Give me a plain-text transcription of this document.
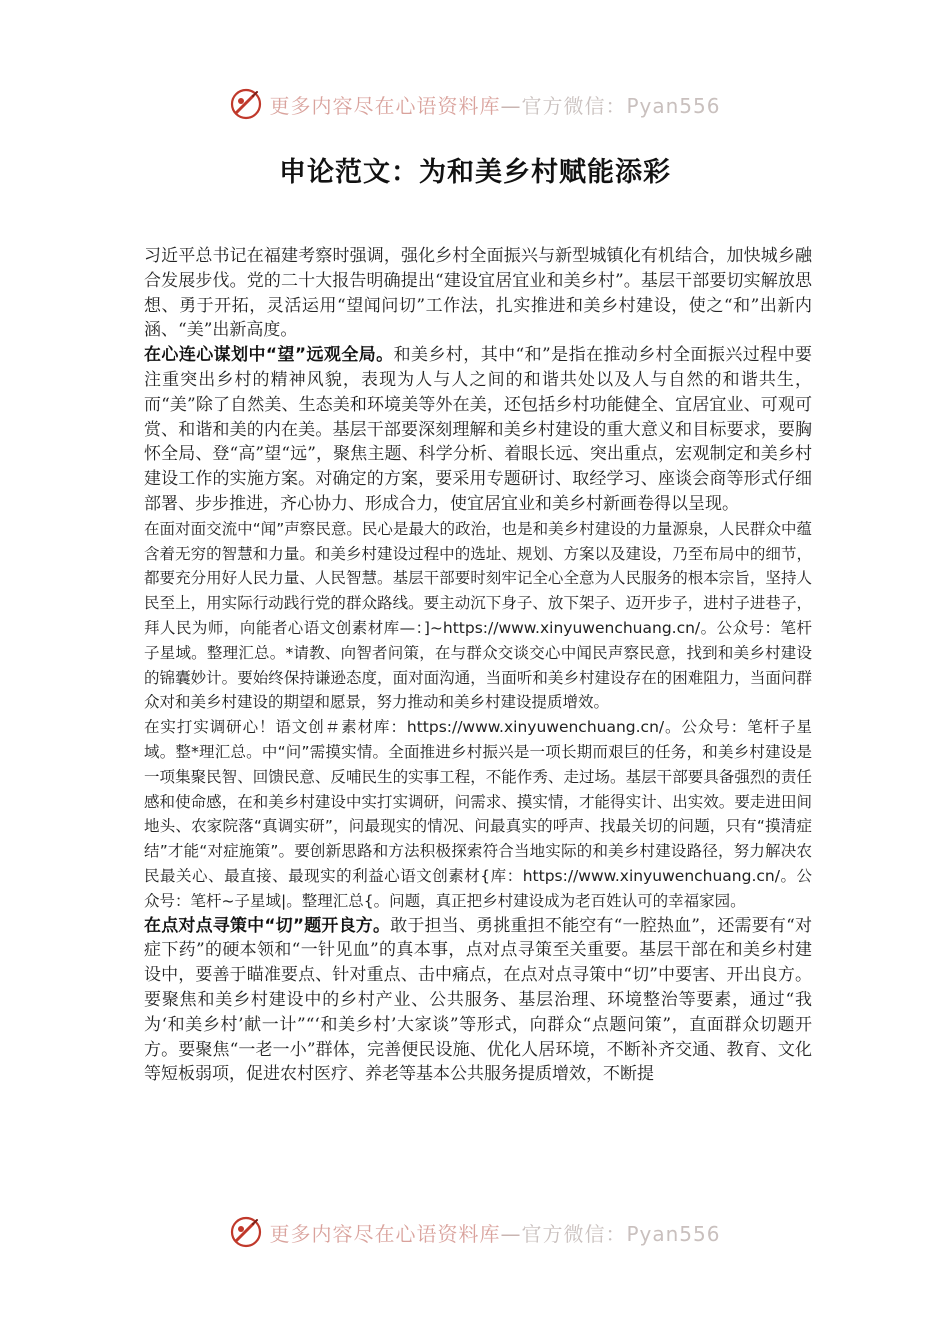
更多内容尽在心语资料库—官方微信：Pyan556
申论范文：为和美乡村赋能添彩

习近平总书记在福建考察时强调，强化乡村全面振兴与新型城镇化有机结合，加快城乡融合发展步伐。党的二十大报告明确提出“建设宜居宜业和美乡村”。基层干部要切实解放思想、勇于开拓，灵活运用“望闻问切”工作法，扎实推进和美乡村建设，使之“和”出新内涵、“美”出新高度。

在心连心谋划中“望”远观全局。和美乡村，其中“和”是指在推动乡村全面振兴过程中要注重突出乡村的精神风貌，表现为人与人之间的和谐共处以及人与自然的和谐共生，而“美”除了自然美、生态美和环境美等外在美，还包括乡村功能健全、宜居宜业、可观可赏、和谐和美的内在美。基层干部要深刻理解和美乡村建设的重大意义和目标要求，要胸怀全局、登“高”望“远”，聚焦主题、科学分析、着眼长远、突出重点，宏观制定和美乡村建设工作的实施方案。对确定的方案，要采用专题研讨、取经学习、座谈会商等形式仔细部署、步步推进，齐心协力、形成合力，使宜居宜业和美乡村新画卷得以呈现。

在面对面交流中“闻”声察民意。民心是最大的政治，也是和美乡村建设的力量源泉，人民群众中蕴含着无穷的智慧和力量。和美乡村建设过程中的选址、规划、方案以及建设，乃至布局中的细节，都要充分用好人民力量、人民智慧。基层干部要时刻牢记全心全意为人民服务的根本宗旨，坚持人民至上，用实际行动践行党的群众路线。要主动沉下身子、放下架子、迈开步子，进村子进巷子，拜人民为师，向能者心语文创素材库—：]~https://www.xinyuwenchuang.cn/。公众号：笔杆子星域。整理汇总。*请教、向智者问策，在与群众交谈交心中闻民声察民意，找到和美乡村建设的锦囊妙计。要始终保持谦逊态度，面对面沟通，当面听和美乡村建设存在的困难阻力，当面问群众对和美乡村建设的期望和愿景，努力推动和美乡村建设提质增效。

在实打实调研心！语文创＃素材库：https://www.xinyuwenchuang.cn/。公众号：笔杆子星域。整*理汇总。中“问”需摸实情。全面推进乡村振兴是一项长期而艰巨的任务，和美乡村建设是一项集聚民智、回馈民意、反哺民生的实事工程，不能作秀、走过场。基层干部要具备强烈的责任感和使命感，在和美乡村建设中实打实调研，问需求、摸实情，才能得实计、出实效。要走进田间地头、农家院落“真调实研”，问最现实的情况、问最真实的呼声、找最关切的问题，只有“摸清症结”才能“对症施策”。要创新思路和方法积极探索符合当地实际的和美乡村建设路径，努力解决农民最关心、最直接、最现实的利益心语文创素材{库：https://www.xinyuwenchuang.cn/。公众号：笔杆~子星域|。整理汇总{。问题，真正把乡村建设成为老百姓认可的幸福家园。

在点对点寻策中“切”题开良方。敢于担当、勇挑重担不能空有“一腔热血”，还需要有“对症下药”的硬本领和“一针见血”的真本事，点对点寻策至关重要。基层干部在和美乡村建设中，要善于瞄准要点、针对重点、击中痛点，在点对点寻策中“切”中要害、开出良方。要聚焦和美乡村建设中的乡村产业、公共服务、基层治理、环境整治等要素，通过“我为‘和美乡村’献一计”“‘和美乡村’大家谈”等形式，向群众“点题问策”，直面群众切题开方。要聚焦“一老一小”群体，完善便民设施、优化人居环境，不断补齐交通、教育、文化等短板弱项，促进农村医疗、养老等基本公共服务提质增效，不断提

更多内容尽在心语资料库—官方微信：Pyan556
